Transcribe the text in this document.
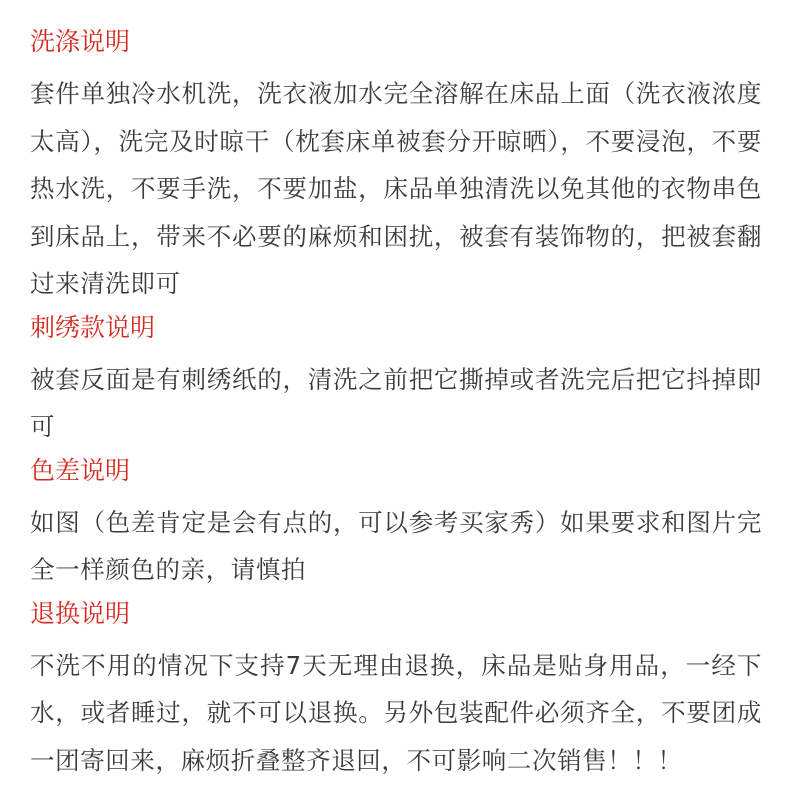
洗涤说明

套件单独冷水机洗，洗衣液加水完全溶解在床品上面（洗衣液浓度太高），洗完及时晾干（枕套床单被套分开晾晒），不要浸泡，不要热水洗，不要手洗，不要加盐，床品单独清洗以免其他的衣物串色到床品上，带来不必要的麻烦和困扰，被套有装饰物的，把被套翻过来清洗即可

刺绣款说明

被套反面是有刺绣纸的，清洗之前把它撕掉或者洗完后把它抖掉即可

色差说明

如图（色差肯定是会有点的，可以参考买家秀）如果要求和图片完全一样颜色的亲，请慎拍

退换说明

不洗不用的情况下支持7天无理由退换，床品是贴身用品，一经下水，或者睡过，就不可以退换。另外包装配件必须齐全，不要团成一团寄回来，麻烦折叠整齐退回，不可影响二次销售！！！
